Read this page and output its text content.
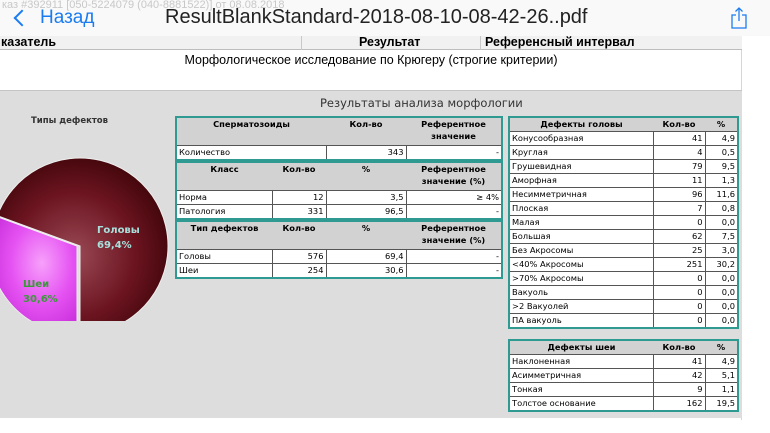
каз #392911 [050-5224079 (040-8881522)] от 08.08.2018
Назад	ResultBlankStandard-2018-08-10-08-42-26..pdf
казатель	Результат	Референсный интервал
Морфологическое исследование по Крюгеру (строгие критерии)
Результаты анализа морфологии
Типы дефектов
Головы
69,4%
Шеи
30,6%
Сперматозоиды	Кол-во	Референтное значение
Количество	343	-
Класс	Кол-во	%	Референтное значение (%)
Норма	12	3,5	≥ 4%
Патология	331	96,5	-
Тип дефектов	Кол-во	%	Референтное значение (%)
Головы	576	69,4	-
Шеи	254	30,6	-
Дефекты головы	Кол-во	%
Конусообразная	41	4,9
Круглая	4	0,5
Грушевидная	79	9,5
Аморфная	11	1,3
Несимметричная	96	11,6
Плоская	7	0,8
Малая	0	0,0
Большая	62	7,5
Без Акросомы	25	3,0
<40% Акросомы	251	30,2
>70% Акросомы	0	0,0
Вакуоль	0	0,0
>2 Вакуолей	0	0,0
ПА вакуоль	0	0,0
Дефекты шеи	Кол-во	%
Наклоненная	41	4,9
Асимметричная	42	5,1
Тонкая	9	1,1
Толстое основание	162	19,5
